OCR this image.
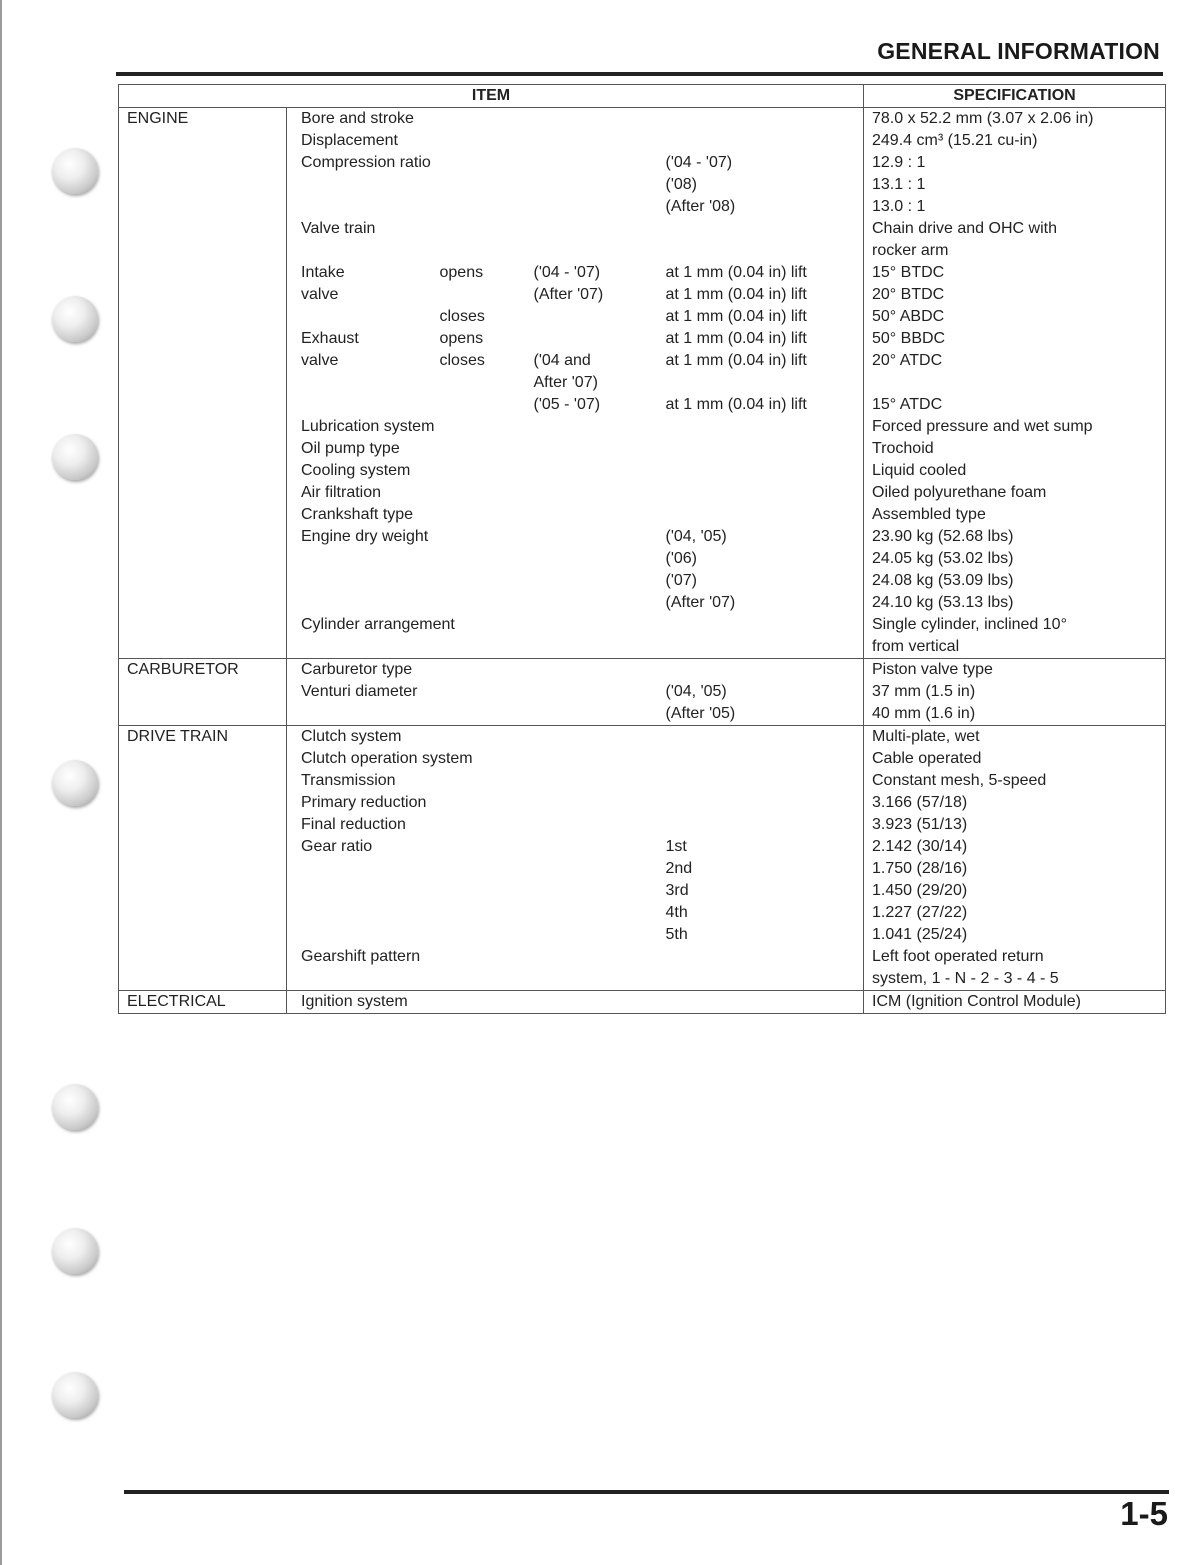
GENERAL INFORMATION
ITEM					SPECIFICATION
ENGINE	Bore and stroke				78.0 x 52.2 mm (3.07 x 2.06 in)
	Displacement				249.4 cm³ (15.21 cu-in)
	Compression ratio			('04 - '07)	12.9 : 1
				('08)	13.1 : 1
				(After '08)	13.0 : 1
	Valve train				Chain drive and OHC with
					rocker arm
	Intake	opens	('04 - '07)	at 1 mm (0.04 in) lift	15° BTDC
	valve		(After '07)	at 1 mm (0.04 in) lift	20° BTDC
		closes		at 1 mm (0.04 in) lift	50° ABDC
	Exhaust	opens		at 1 mm (0.04 in) lift	50° BBDC
	valve	closes	('04 and	at 1 mm (0.04 in) lift	20° ATDC
			After '07)		
			('05 - '07)	at 1 mm (0.04 in) lift	15° ATDC
	Lubrication system				Forced pressure and wet sump
	Oil pump type				Trochoid
	Cooling system				Liquid cooled
	Air filtration				Oiled polyurethane foam
	Crankshaft type				Assembled type
	Engine dry weight			('04, '05)	23.90 kg (52.68 lbs)
				('06)	24.05 kg (53.02 lbs)
				('07)	24.08 kg (53.09 lbs)
				(After '07)	24.10 kg (53.13 lbs)
	Cylinder arrangement				Single cylinder, inclined 10°
					from vertical
CARBURETOR	Carburetor type				Piston valve type
	Venturi diameter			('04, '05)	37 mm (1.5 in)
				(After '05)	40 mm (1.6 in)
DRIVE TRAIN	Clutch system				Multi-plate, wet
	Clutch operation system				Cable operated
	Transmission				Constant mesh, 5-speed
	Primary reduction				3.166 (57/18)
	Final reduction				3.923 (51/13)
	Gear ratio			1st	2.142 (30/14)
				2nd	1.750 (28/16)
				3rd	1.450 (29/20)
				4th	1.227 (27/22)
				5th	1.041 (25/24)
	Gearshift pattern				Left foot operated return
					system, 1 - N - 2 - 3 - 4 - 5
ELECTRICAL	Ignition system				ICM (Ignition Control Module)
1-5
